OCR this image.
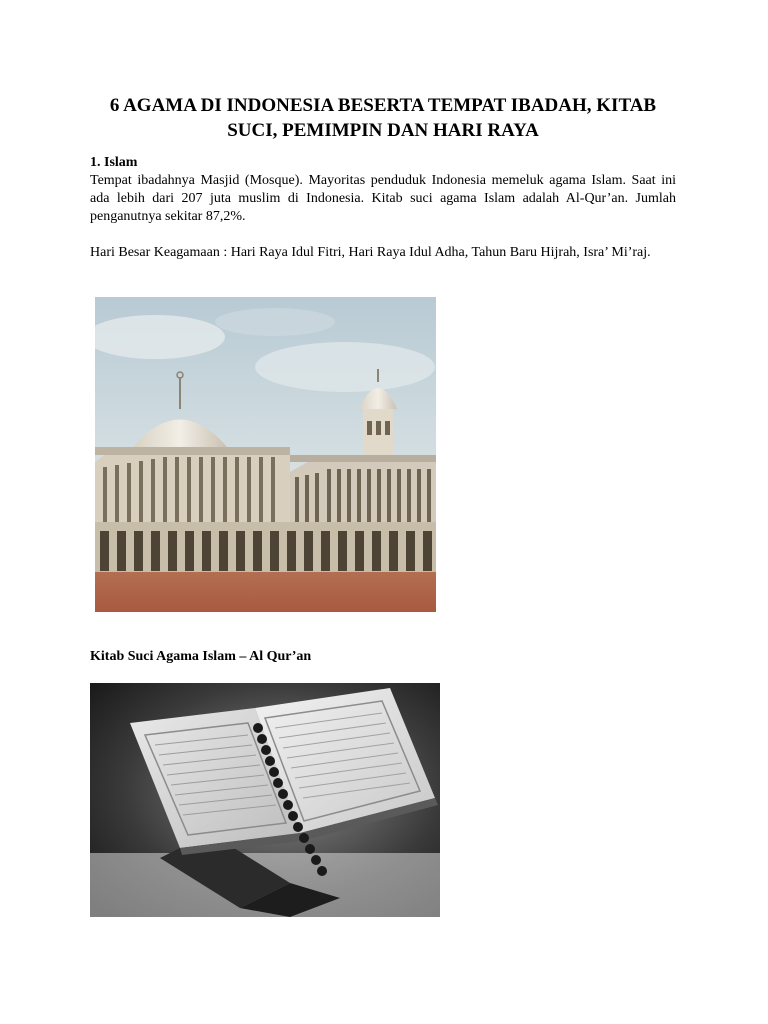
6 AGAMA DI INDONESIA BESERTA TEMPAT IBADAH, KITAB SUCI, PEMIMPIN DAN HARI RAYA

1. Islam

Tempat ibadahnya Masjid (Mosque). Mayoritas penduduk Indonesia memeluk agama Islam. Saat ini ada lebih dari 207 juta muslim di Indonesia. Kitab suci agama Islam adalah Al-Qur’an. Jumlah penganutnya sekitar 87,2%.

Hari Besar Keagamaan : Hari Raya Idul Fitri, Hari Raya Idul Adha, Tahun Baru Hijrah, Isra’ Mi’raj.

Kitab Suci Agama Islam – Al Qur’an
